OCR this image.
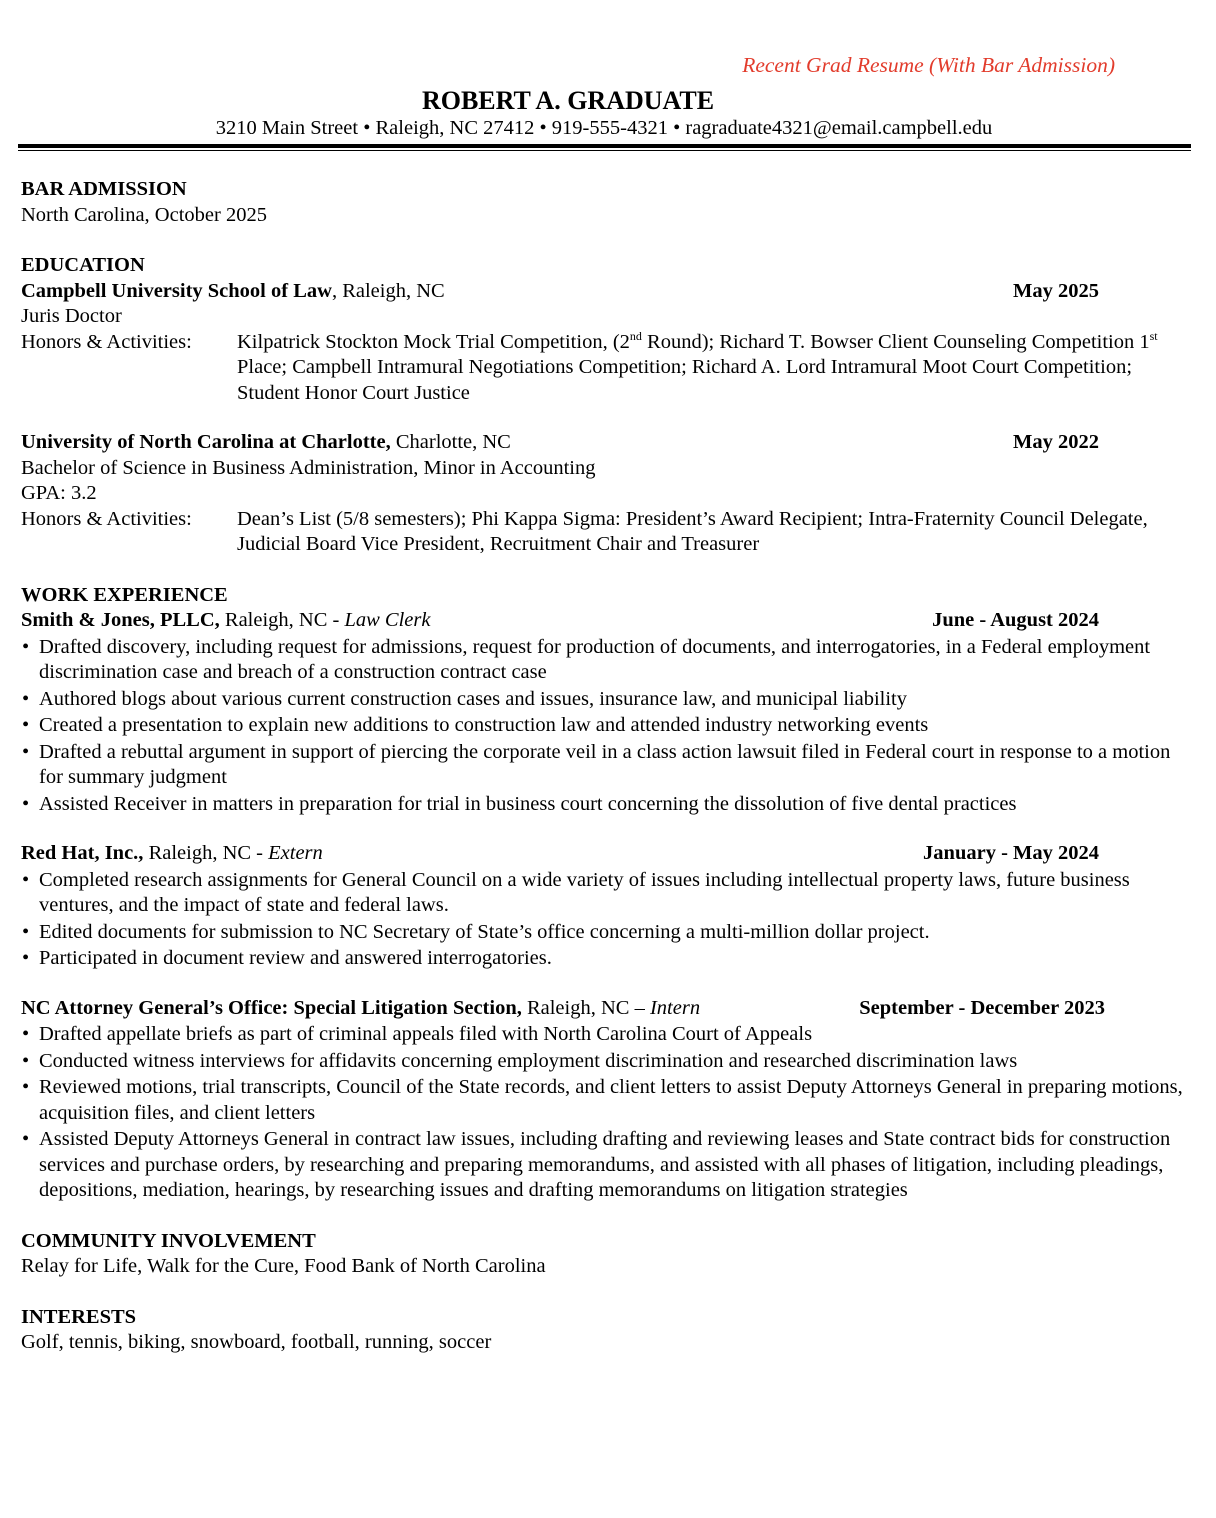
Recent Grad Resume (With Bar Admission)
ROBERT A. GRADUATE
3210 Main Street • Raleigh, NC 27412 • 919-555-4321 • ragraduate4321@email.campbell.edu
BAR ADMISSION
North Carolina, October 2025
EDUCATION
Campbell University School of Law, Raleigh, NC	May 2025
Juris Doctor
Honors & Activities:	Kilpatrick Stockton Mock Trial Competition, (2nd Round); Richard T. Bowser Client Counseling Competition 1st Place; Campbell Intramural Negotiations Competition; Richard A. Lord Intramural Moot Court Competition; Student Honor Court Justice
University of North Carolina at Charlotte, Charlotte, NC	May 2022
Bachelor of Science in Business Administration, Minor in Accounting
GPA: 3.2
Honors & Activities:	Dean’s List (5/8 semesters); Phi Kappa Sigma: President’s Award Recipient; Intra-Fraternity Council Delegate, Judicial Board Vice President, Recruitment Chair and Treasurer
WORK EXPERIENCE
Smith & Jones, PLLC, Raleigh, NC - Law Clerk	June - August 2024
• Drafted discovery, including request for admissions, request for production of documents, and interrogatories, in a Federal employment discrimination case and breach of a construction contract case
• Authored blogs about various current construction cases and issues, insurance law, and municipal liability
• Created a presentation to explain new additions to construction law and attended industry networking events
• Drafted a rebuttal argument in support of piercing the corporate veil in a class action lawsuit filed in Federal court in response to a motion for summary judgment
• Assisted Receiver in matters in preparation for trial in business court concerning the dissolution of five dental practices
Red Hat, Inc., Raleigh, NC - Extern	January - May 2024
• Completed research assignments for General Council on a wide variety of issues including intellectual property laws, future business ventures, and the impact of state and federal laws.
• Edited documents for submission to NC Secretary of State’s office concerning a multi-million dollar project.
• Participated in document review and answered interrogatories.
NC Attorney General’s Office: Special Litigation Section, Raleigh, NC – Intern	September - December 2023
• Drafted appellate briefs as part of criminal appeals filed with North Carolina Court of Appeals
• Conducted witness interviews for affidavits concerning employment discrimination and researched discrimination laws
• Reviewed motions, trial transcripts, Council of the State records, and client letters to assist Deputy Attorneys General in preparing motions, acquisition files, and client letters
• Assisted Deputy Attorneys General in contract law issues, including drafting and reviewing leases and State contract bids for construction services and purchase orders, by researching and preparing memorandums, and assisted with all phases of litigation, including pleadings, depositions, mediation, hearings, by researching issues and drafting memorandums on litigation strategies
COMMUNITY INVOLVEMENT
Relay for Life, Walk for the Cure, Food Bank of North Carolina
INTERESTS
Golf, tennis, biking, snowboard, football, running, soccer
